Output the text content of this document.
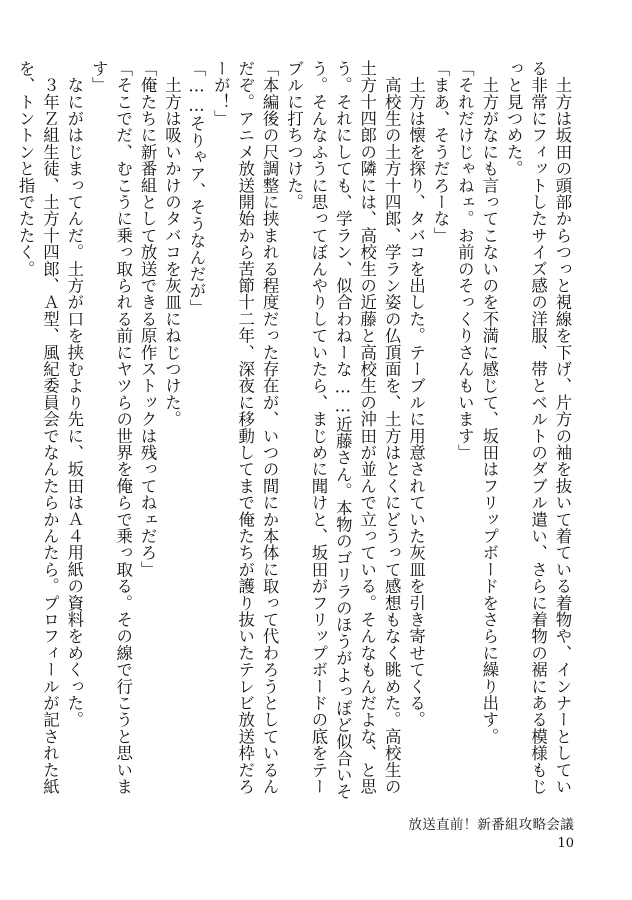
　土方は坂田の頭部からつっと視線を下げ、片方の袖を抜いて着ている着物や、インナーとしている非常にフィットしたサイズ感の洋服、帯とベルトのダブル遣い、さらに着物の裾にある模様もじっと見つめた。

　土方がなにも言ってこないのを不満に感じて、坂田はフリップボードをさらに繰り出す。

「それだけじゃねェ。お前のそっくりさんもいます」

「まあ、そうだろーな」

　土方は懐を探り、タバコを出した。テーブルに用意されていた灰皿を引き寄せてくる。

　高校生の土方十四郎、学ラン姿の仏頂面を、土方はとくにどうって感想もなく眺めた。高校生の土方十四郎の隣には、高校生の近藤と高校生の沖田が並んで立っている。そんなもんだよな、と思う。それにしても、学ラン、似合わねーな……近藤さん。本物のゴリラのほうがよっぽど似合いそう。そんなふうに思ってぼんやりしていたら、まじめに聞けと、坂田がフリップボードの底をテーブルに打ちつけた。

「本編後の尺調整に挟まれる程度だった存在が、いつの間にか本体に取って代わろうとしているんだぞ。アニメ放送開始から苦節十二年、深夜に移動してまで俺たちが護り抜いたテレビ放送枠だろーが！」

「……そりゃア、そうなんだが」

　土方は吸いかけのタバコを灰皿にねじつけた。

「俺たちに新番組として放送できる原作ストックは残ってねェだろ」

「そこでだ、むこうに乗っ取られる前にヤツらの世界を俺らで乗っ取る。その線で行こうと思います」

　なにがはじまってんだ。土方が口を挟むより先に、坂田はＡ４用紙の資料をめくった。

　３年Ｚ組生徒、土方十四郎、Ａ型、風紀委員会でなんたらかんたら。プロフィールが記された紙を、トントンと指でたたく。

放送直前！新番組攻略会議
10
